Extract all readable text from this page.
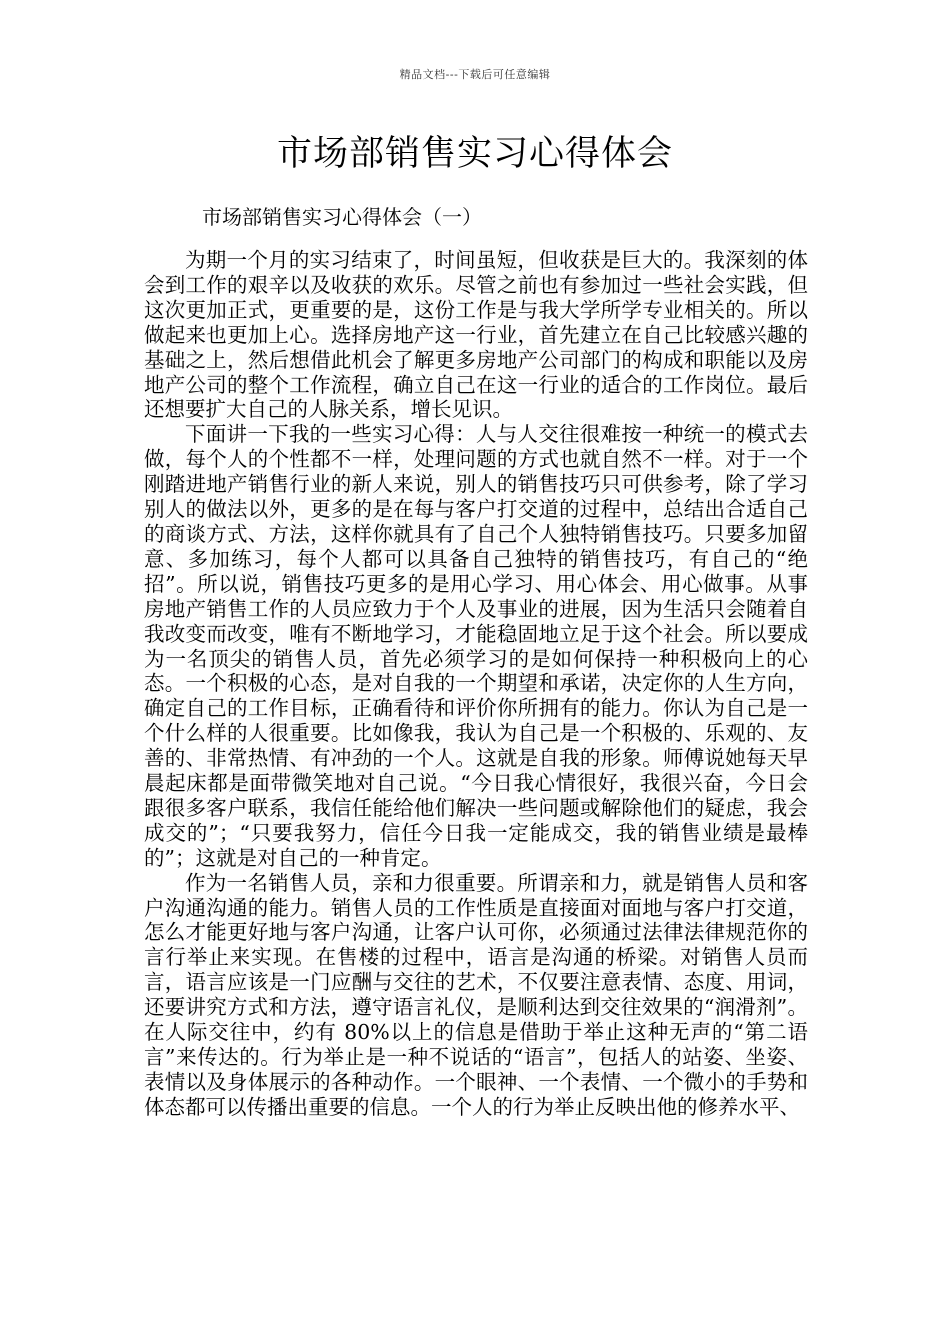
精品文档---下载后可任意编辑
市场部销售实习心得体会
市场部销售实习心得体会（一）

为期一个月的实习结束了，时间虽短，但收获是巨大的。我深刻的体会到工作的艰辛以及收获的欢乐。尽管之前也有参加过一些社会实践，但这次更加正式，更重要的是，这份工作是与我大学所学专业相关的。所以做起来也更加上心。选择房地产这一行业，首先建立在自己比较感兴趣的基础之上，然后想借此机会了解更多房地产公司部门的构成和职能以及房地产公司的整个工作流程，确立自己在这一行业的适合的工作岗位。最后还想要扩大自己的人脉关系，增长见识。

下面讲一下我的一些实习心得：人与人交往很难按一种统一的模式去做，每个人的个性都不一样，处理问题的方式也就自然不一样。对于一个刚踏进地产销售行业的新人来说，别人的销售技巧只可供参考，除了学习别人的做法以外，更多的是在每与客户打交道的过程中，总结出合适自己的商谈方式、方法，这样你就具有了自己个人独特销售技巧。只要多加留意、多加练习，每个人都可以具备自己独特的销售技巧，有自己的“绝招”。所以说，销售技巧更多的是用心学习、用心体会、用心做事。从事房地产销售工作的人员应致力于个人及事业的进展，因为生活只会随着自我改变而改变，唯有不断地学习，才能稳固地立足于这个社会。所以要成为一名顶尖的销售人员，首先必须学习的是如何保持一种积极向上的心态。一个积极的心态，是对自我的一个期望和承诺，决定你的人生方向，确定自己的工作目标，正确看待和评价你所拥有的能力。你认为自己是一个什么样的人很重要。比如像我，我认为自己是一个积极的、乐观的、友善的、非常热情、有冲劲的一个人。这就是自我的形象。师傅说她每天早晨起床都是面带微笑地对自己说。“今日我心情很好，我很兴奋，今日会跟很多客户联系，我信任能给他们解决一些问题或解除他们的疑虑，我会成交的”；“只要我努力，信任今日我一定能成交，我的销售业绩是最棒的”；这就是对自己的一种肯定。

作为一名销售人员，亲和力很重要。所谓亲和力，就是销售人员和客户沟通沟通的能力。销售人员的工作性质是直接面对面地与客户打交道，怎么才能更好地与客户沟通，让客户认可你，必须通过法律法律规范你的言行举止来实现。在售楼的过程中，语言是沟通的桥梁。对销售人员而言，语言应该是一门应酬与交往的艺术，不仅要注意表情、态度、用词，还要讲究方式和方法，遵守语言礼仪，是顺利达到交往效果的“润滑剂”。在人际交往中，约有 80%以上的信息是借助于举止这种无声的“第二语言”来传达的。行为举止是一种不说话的“语言”，包括人的站姿、坐姿、表情以及身体展示的各种动作。一个眼神、一个表情、一个微小的手势和体态都可以传播出重要的信息。一个人的行为举止反映出他的修养水平、
